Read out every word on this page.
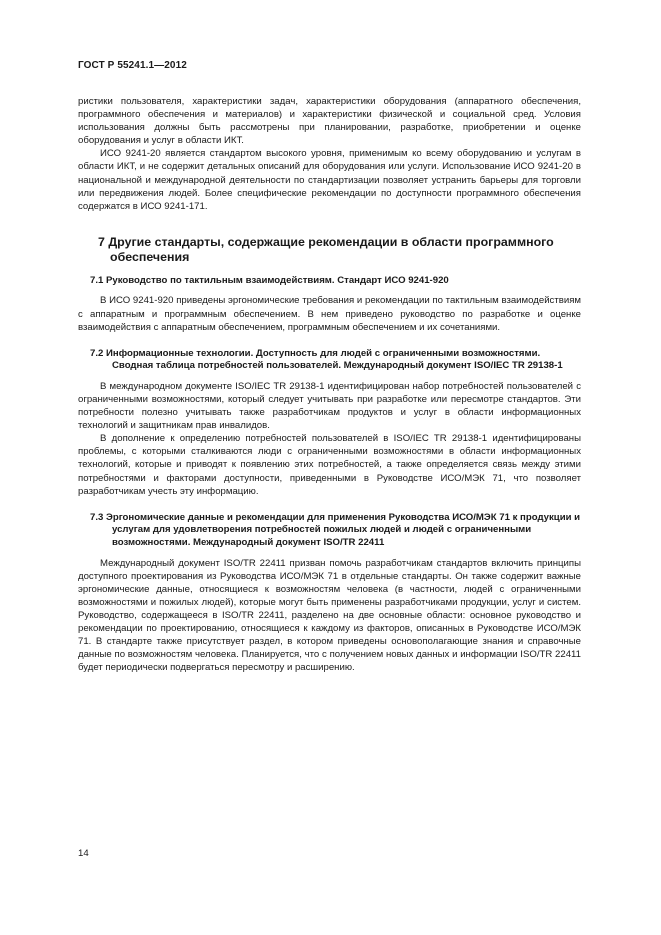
ГОСТ Р 55241.1—2012

ристики пользователя, характеристики задач, характеристики оборудования (аппаратного обеспечения, программного обеспечения и материалов) и характеристики физической и социальной сред. Условия использования должны быть рассмотрены при планировании, разработке, приобретении и оценке оборудования и услуг в области ИКТ.

ИСО 9241-20 является стандартом высокого уровня, применимым ко всему оборудованию и услугам в области ИКТ, и не содержит детальных описаний для оборудования или услуги. Использование ИСО 9241-20 в национальной и международной деятельности по стандартизации позволяет устранить барьеры для торговли или передвижения людей. Более специфические рекомендации по доступности программного обеспечения содержатся в ИСО 9241-171.

7 Другие стандарты, содержащие рекомендации в области программного обеспечения
7.1 Руководство по тактильным взаимодействиям. Стандарт ИСО 9241-920

В ИСО 9241-920 приведены эргономические требования и рекомендации по тактильным взаимодействиям с аппаратным и программным обеспечением. В нем приведено руководство по разработке и оценке взаимодействия с аппаратным обеспечением, программным обеспечением и их сочетаниями.

7.2 Информационные технологии. Доступность для людей с ограниченными возможностями. Сводная таблица потребностей пользователей. Международный документ ISO/IEC TR 29138-1

В международном документе ISO/IEC TR 29138-1 идентифицирован набор потребностей пользователей с ограниченными возможностями, который следует учитывать при разработке или пересмотре стандартов. Эти потребности полезно учитывать также разработчикам продуктов и услуг в области информационных технологий и защитникам прав инвалидов.

В дополнение к определению потребностей пользователей в ISO/IEC TR 29138-1 идентифицированы проблемы, с которыми сталкиваются люди с ограниченными возможностями в области информационных технологий, которые и приводят к появлению этих потребностей, а также определяется связь между этими потребностями и факторами доступности, приведенными в Руководстве ИСО/МЭК 71, что позволяет разработчикам учесть эту информацию.

7.3 Эргономические данные и рекомендации для применения Руководства ИСО/МЭК 71 к продукции и услугам для удовлетворения потребностей пожилых людей и людей с ограниченными возможностями. Международный документ ISO/TR 22411

Международный документ ISO/TR 22411 призван помочь разработчикам стандартов включить принципы доступного проектирования из Руководства ИСО/МЭК 71 в отдельные стандарты. Он также содержит важные эргономические данные, относящиеся к возможностям человека (в частности, людей с ограниченными возможностями и пожилых людей), которые могут быть применены разработчиками продукции, услуг и систем. Руководство, содержащееся в ISO/TR 22411, разделено на две основные области: основное руководство и рекомендации по проектированию, относящиеся к каждому из факторов, описанных в Руководстве ИСО/МЭК 71. В стандарте также присутствует раздел, в котором приведены основополагающие знания и справочные данные по возможностям человека. Планируется, что с получением новых данных и информации ISO/TR 22411 будет периодически подвергаться пересмотру и расширению.

14
